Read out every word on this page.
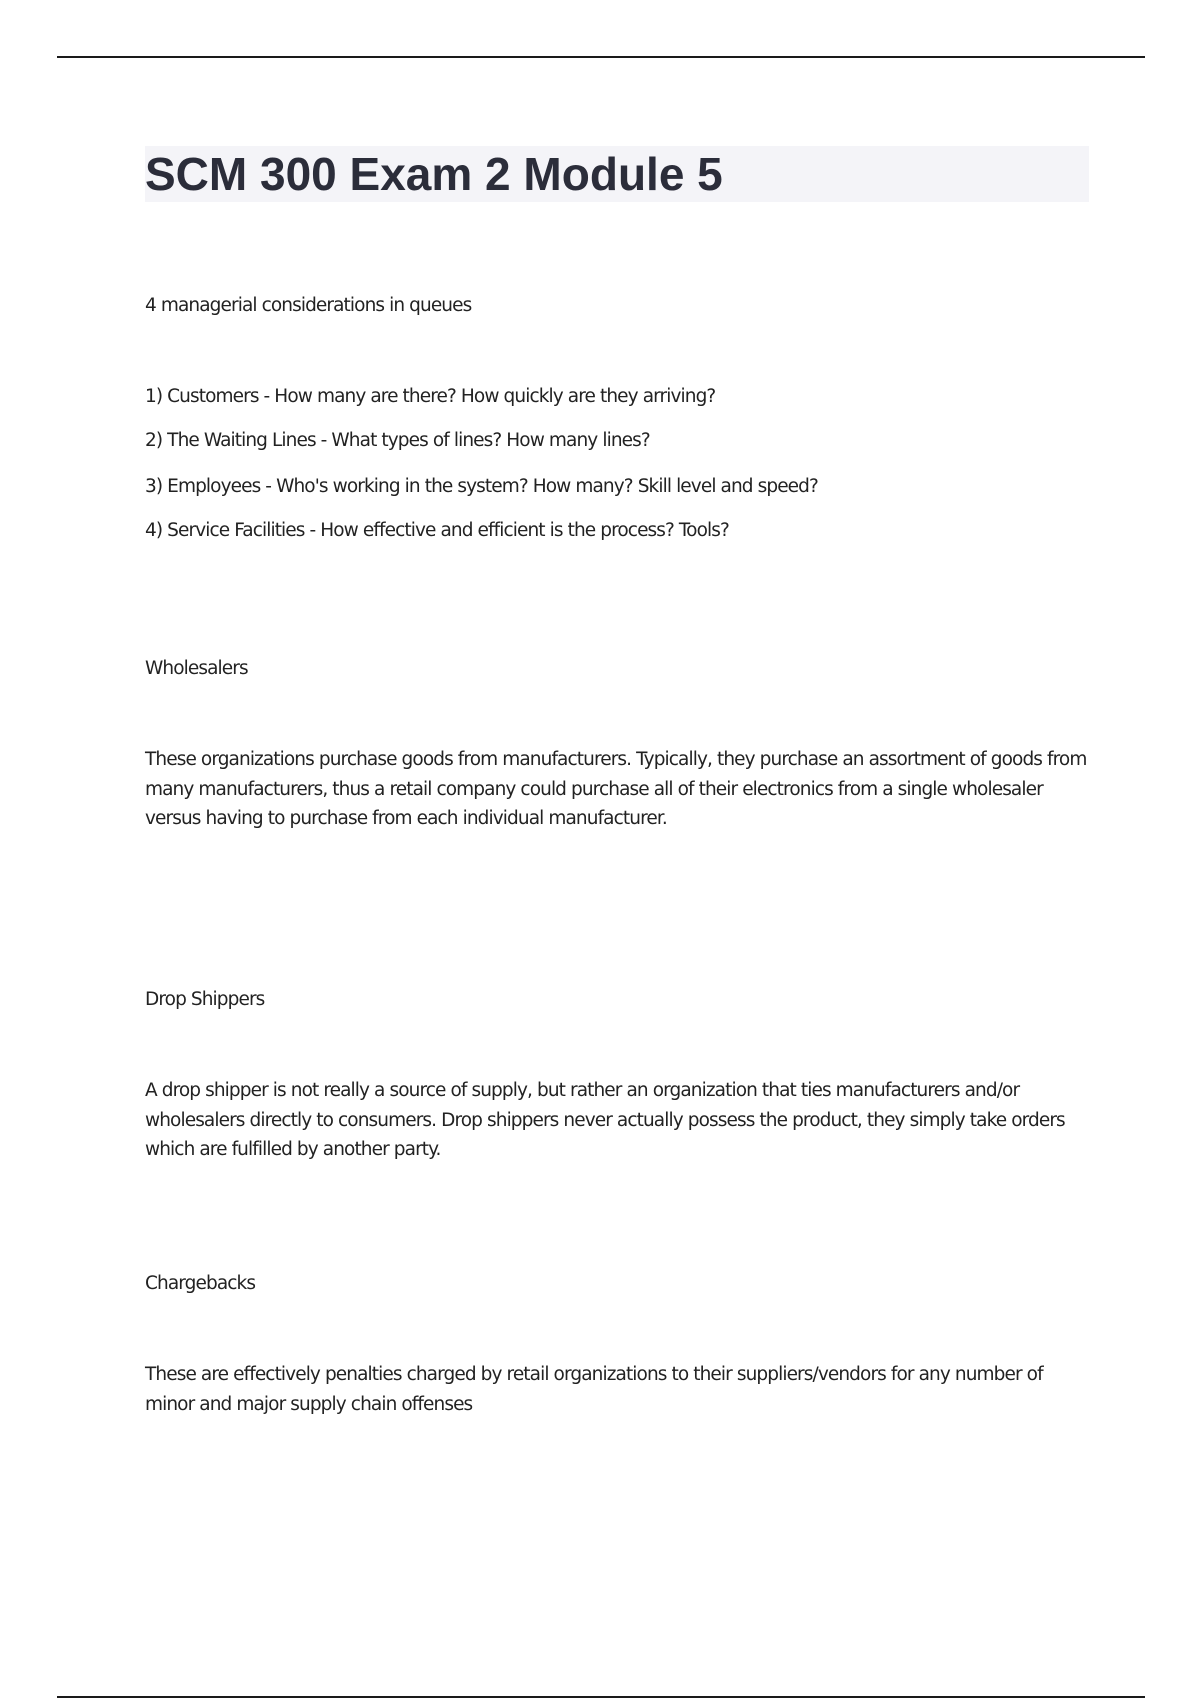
SCM 300 Exam 2 Module 5

4 managerial considerations in queues

1) Customers - How many are there? How quickly are they arriving?

2) The Waiting Lines - What types of lines? How many lines?

3) Employees - Who's working in the system? How many? Skill level and speed?

4) Service Facilities - How effective and efficient is the process? Tools?

Wholesalers

These organizations purchase goods from manufacturers. Typically, they purchase an assortment of goods from many manufacturers, thus a retail company could purchase all of their electronics from a single wholesaler versus having to purchase from each individual manufacturer.

Drop Shippers

A drop shipper is not really a source of supply, but rather an organization that ties manufacturers and/or wholesalers directly to consumers. Drop shippers never actually possess the product, they simply take orders which are fulfilled by another party.

Chargebacks

These are effectively penalties charged by retail organizations to their suppliers/vendors for any number of minor and major supply chain offenses
